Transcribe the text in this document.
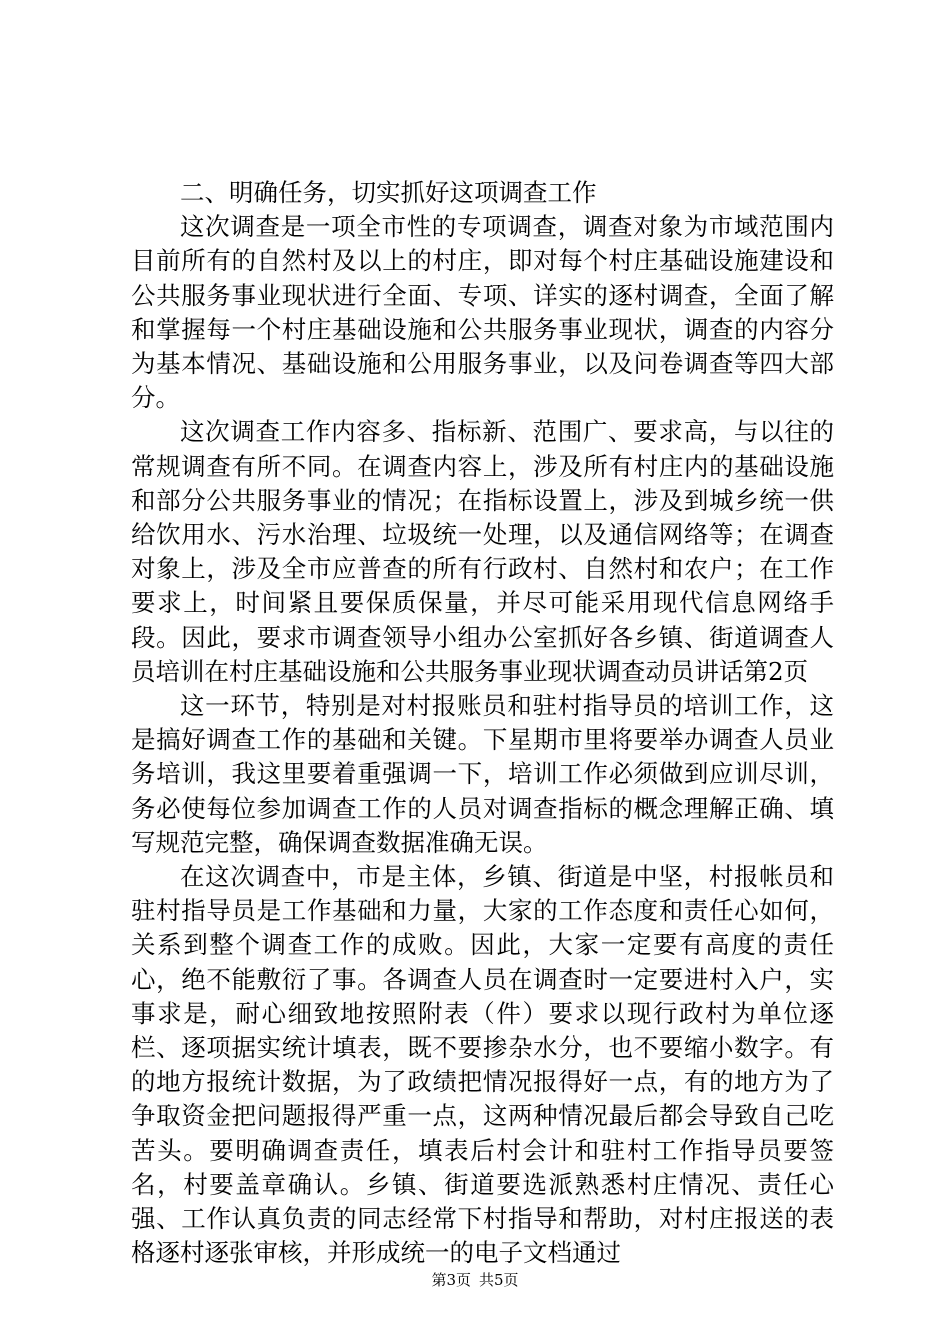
二、明确任务，切实抓好这项调查工作

这次调查是一项全市性的专项调查，调查对象为市域范围内目前所有的自然村及以上的村庄，即对每个村庄基础设施建设和公共服务事业现状进行全面、专项、详实的逐村调查，全面了解和掌握每一个村庄基础设施和公共服务事业现状，调查的内容分为基本情况、基础设施和公用服务事业，以及问卷调查等四大部分。

这次调查工作内容多、指标新、范围广、要求高，与以往的常规调查有所不同。在调查内容上，涉及所有村庄内的基础设施和部分公共服务事业的情况；在指标设置上，涉及到城乡统一供给饮用水、污水治理、垃圾统一处理，以及通信网络等；在调查对象上，涉及全市应普查的所有行政村、自然村和农户；在工作要求上，时间紧且要保质保量，并尽可能采用现代信息网络手段。因此，要求市调查领导小组办公室抓好各乡镇、街道调查人员培训在村庄基础设施和公共服务事业现状调查动员讲话第2页

这一环节，特别是对村报账员和驻村指导员的培训工作，这是搞好调查工作的基础和关键。下星期市里将要举办调查人员业务培训，我这里要着重强调一下，培训工作必须做到应训尽训，务必使每位参加调查工作的人员对调查指标的概念理解正确、填写规范完整，确保调查数据准确无误。

在这次调查中，市是主体，乡镇、街道是中坚，村报帐员和驻村指导员是工作基础和力量，大家的工作态度和责任心如何，关系到整个调查工作的成败。因此，大家一定要有高度的责任心，绝不能敷衍了事。各调查人员在调查时一定要进村入户，实事求是，耐心细致地按照附表（件）要求以现行政村为单位逐栏、逐项据实统计填表，既不要掺杂水分，也不要缩小数字。有的地方报统计数据，为了政绩把情况报得好一点，有的地方为了争取资金把问题报得严重一点，这两种情况最后都会导致自己吃苦头。要明确调查责任，填表后村会计和驻村工作指导员要签名，村要盖章确认。乡镇、街道要选派熟悉村庄情况、责任心强、工作认真负责的同志经常下村指导和帮助，对村庄报送的表格逐村逐张审核，并形成统一的电子文档通过

第3页 共5页
